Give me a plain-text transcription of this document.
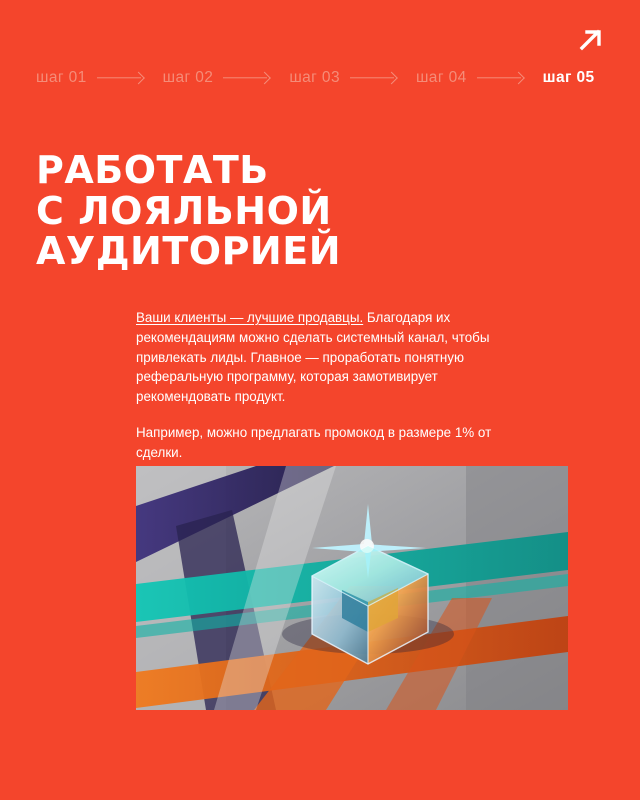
шаг 01	шаг 02	шаг 03	шаг 04	шаг 05
РАБОТАТЬ
С ЛОЯЛЬНОЙ
АУДИТОРИЕЙ

Ваши клиенты — лучшие продавцы. Благодаря их рекомендациям можно сделать системный канал, чтобы привлекать лиды. Главное — проработать понятную реферальную программу, которая замотивирует рекомендовать продукт.

Например, можно предлагать промокод в размере 1% от сделки.
